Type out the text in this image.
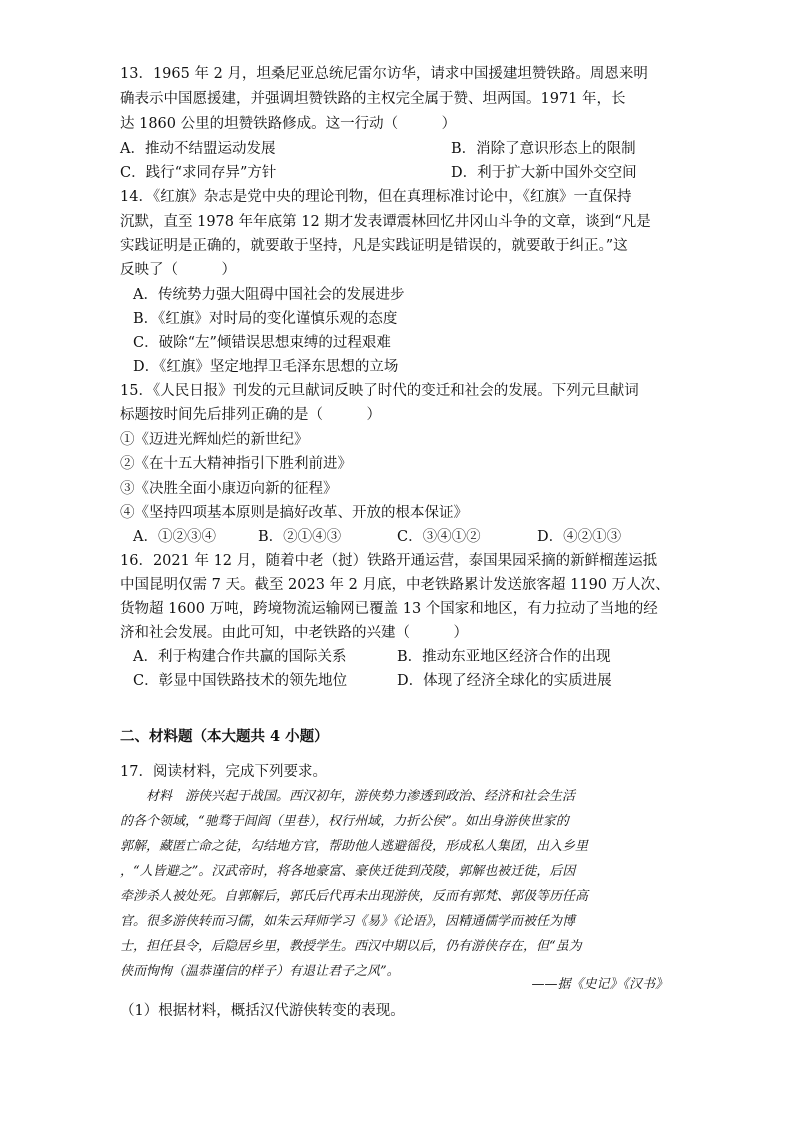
13．1965 年 2 月，坦桑尼亚总统尼雷尔访华，请求中国援建坦赞铁路。周恩来明
确表示中国愿援建，并强调坦赞铁路的主权完全属于赞、坦两国。1971 年，长
达 1860 公里的坦赞铁路修成。这一行动（　　　）
A．推动不结盟运动发展	B．消除了意识形态上的限制
C．践行“求同存异”方针	D．利于扩大新中国外交空间
14．《红旗》杂志是党中央的理论刊物，但在真理标准讨论中，《红旗》一直保持
沉默，直至 1978 年年底第 12 期才发表谭震林回忆井冈山斗争的文章，谈到“凡是
实践证明是正确的，就要敢于坚持，凡是实践证明是错误的，就要敢于纠正。”这
反映了（　　　）
A．传统势力强大阻碍中国社会的发展进步
B．《红旗》对时局的变化谨慎乐观的态度
C．破除“左”倾错误思想束缚的过程艰难
D．《红旗》坚定地捍卫毛泽东思想的立场
15．《人民日报》刊发的元旦献词反映了时代的变迁和社会的发展。下列元旦献词
标题按时间先后排列正确的是（　　　）
①《迈进光辉灿烂的新世纪》
②《在十五大精神指引下胜利前进》
③《决胜全面小康迈向新的征程》
④《坚持四项基本原则是搞好改革、开放的根本保证》
A．①②③④	B．②①④③	C．③④①②	D．④②①③
16．2021 年 12 月，随着中老（挝）铁路开通运营，泰国果园采摘的新鲜榴莲运抵
中国昆明仅需 7 天。截至 2023 年 2 月底，中老铁路累计发送旅客超 1190 万人次、
货物超 1600 万吨，跨境物流运输网已覆盖 13 个国家和地区，有力拉动了当地的经
济和社会发展。由此可知，中老铁路的兴建（　　　）
A．利于构建合作共赢的国际关系	B．推动东亚地区经济合作的出现
C．彰显中国铁路技术的领先地位	D．体现了经济全球化的实质进展
二、材料题（本大题共 4 小题）
17．阅读材料，完成下列要求。
　　材料　游侠兴起于战国。西汉初年，游侠势力渗透到政治、经济和社会生活
的各个领域，“驰骛于闾阎（里巷），权行州域，力折公侯”。如出身游侠世家的
郭解，藏匿亡命之徒，勾结地方官，帮助他人逃避徭役，形成私人集团，出入乡里
，“人皆避之”。汉武帝时，将各地豪富、豪侠迁徙到茂陵，郭解也被迁徙，后因
牵涉杀人被处死。自郭解后，郭氏后代再未出现游侠，反而有郭梵、郭伋等历任高
官。很多游侠转而习儒，如朱云拜师学习《易》《论语》，因精通儒学而被任为博
士，担任县令，后隐居乡里，教授学生。西汉中期以后，仍有游侠存在，但“虽为
侠而恂恂（温恭谨信的样子）有退让君子之风”。
——据《史记》《汉书》
（1）根据材料，概括汉代游侠转变的表现。
